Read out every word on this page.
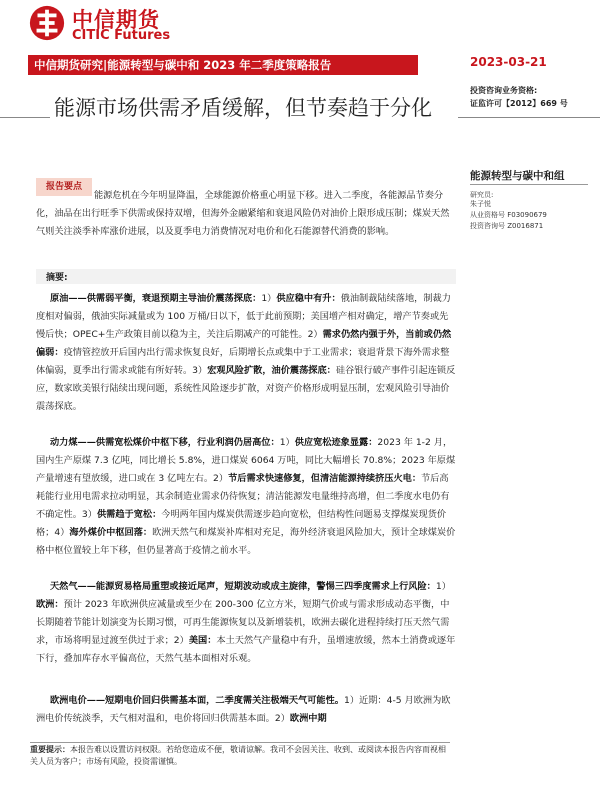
中信期货
CITIC Futures
中信期货研究|能源转型与碳中和 2023 年二季度策略报告	2023-03-21
投资咨询业务资格:
证监许可【2012】669 号
能源市场供需矛盾缓解，但节奏趋于分化
能源转型与碳中和组
研究员:
朱子悦
从业资格号 F03090679
投资咨询号 Z0016871
能源危机在今年明显降温，全球能源价格重心明显下移。进入二季度，各能源品节奏分化，油品在出行旺季下供需或保持双增，但海外金融紧缩和衰退风险仍对油价上限形成压制；煤炭天然气则关注淡季补库涨价进展，以及夏季电力消费情况对电价和化石能源替代消费的影响。
报告要点
摘要:

原油——供需弱平衡，衰退预期主导油价震荡探底：1）供应稳中有升：俄油制裁陆续落地，制裁力度相对偏弱，俄油实际减量或为 100 万桶/日以下，低于此前预期；美国增产相对确定，增产节奏或先慢后快；OPEC+生产政策目前以稳为主，关注后期减产的可能性。2）需求仍然内强于外，当前或仍然偏弱：疫情管控放开后国内出行需求恢复良好，后期增长点或集中于工业需求；衰退背景下海外需求整体偏弱，夏季出行需求或能有所好转。3）宏观风险扩散，油价震荡探底：硅谷银行破产事件引起连锁反应，数家欧美银行陆续出现问题，系统性风险逐步扩散，对资产价格形成明显压制，宏观风险引导油价震荡探底。

动力煤——供需宽松煤价中枢下移，行业利润仍居高位：1）供应宽松迹象显露：2023 年 1-2 月，国内生产原煤 7.3 亿吨，同比增长 5.8%，进口煤炭 6064 万吨，同比大幅增长 70.8%；2023 年原煤产量增速有望放缓，进口或在 3 亿吨左右。2）节后需求快速修复，但清洁能源持续挤压火电：节后高耗能行业用电需求拉动明显，其余制造业需求仍待恢复；清洁能源发电量维持高增，但二季度水电仍有不确定性。3）供需趋于宽松：今明两年国内煤炭供需逐步趋向宽松，但结构性问题易支撑煤炭现货价格；4）海外煤价中枢回落：欧洲天然气和煤炭补库相对充足，海外经济衰退风险加大，预计全球煤炭价格中枢位置较上年下移，但仍显著高于疫情之前水平。

天然气——能源贸易格局重塑或接近尾声，短期波动或成主旋律，警惕三四季度需求上行风险：1）欧洲：预计 2023 年欧洲供应减量或至少在 200-300 亿立方米，短期气价或与需求形成动态平衡，中长期随着节能计划演变为长期习惯，可再生能源恢复以及新增装机，欧洲去碳化进程持续打压天然气需求，市场将明显过渡至供过于求；2）美国：本土天然气产量稳中有升，虽增速放缓，然本土消费或逐年下行，叠加库存水平偏高位，天然气基本面相对乐观。

欧洲电价——短期电价回归供需基本面，二季度需关注极端天气可能性。1）近期：4-5 月欧洲为欧洲电价传统淡季，天气相对温和，电价将回归供需基本面。2）欧洲中期

重要提示：本报告难以设置访问权限。若给您造成不便，敬请谅解。我司不会因关注、收到、或阅读本报告内容而视相关人员为客户；市场有风险，投资需谨慎。
